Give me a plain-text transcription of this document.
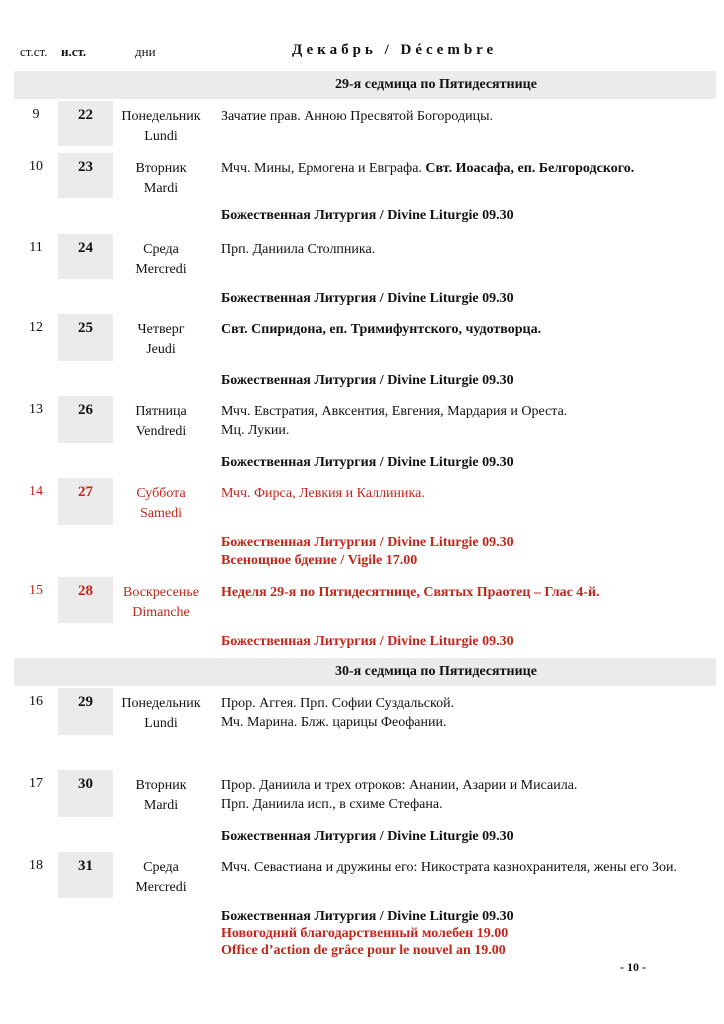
ст.ст. н.ст.	дни	Декабрь / Décembre
29-я седмица по Пятидесятнице
9	22	Понедельник
Lundi
Зачатие прав. Анною Пресвятой Богородицы.
10	23	Вторник
Mardi
Мчч. Мины, Ермогена и Евграфа. Свт. Иоасафа, еп. Белгородского.
Божественная Литургия / Divine Liturgie 09.30
11	24	Среда
Mercredi
Прп. Даниила Столпника.
Божественная Литургия / Divine Liturgie 09.30
12	25	Четверг
Jeudi
Свт. Спиридона, еп. Тримифунтского, чудотворца.
Божественная Литургия / Divine Liturgie 09.30
13	26	Пятница
Vendredi
Мчч. Евстратия, Авксентия, Евгения, Мардария и Ореста.
Мц. Лукии.
Божественная Литургия / Divine Liturgie 09.30
14	27	Суббота
Samedi
Мчч. Фирса, Левкия и Каллиника.
Божественная Литургия / Divine Liturgie 09.30
Всенощное бдение / Vigile 17.00
15	28	Воскресенье
Dimanche
Неделя 29-я по Пятидесятнице, Святых Праотец – Глас 4-й.
Божественная Литургия / Divine Liturgie 09.30
30-я седмица по Пятидесятнице
16	29	Понедельник
Lundi
Прор. Аггея. Прп. Софии Суздальской.
Мч. Марина. Блж. царицы Феофании.
17	30	Вторник
Mardi
Прор. Даниила и трех отроков: Анании, Азарии и Мисаила.
Прп. Даниила исп., в схиме Стефана.
Божественная Литургия / Divine Liturgie 09.30
18	31	Среда
Mercredi
Мчч. Севастиана и дружины его: Никострата казнохранителя, жены его Зои.
Божественная Литургия / Divine Liturgie 09.30
Новогодний благодарственный молебен 19.00
Office d’action de grâce pour le nouvel an 19.00
- 10 -
